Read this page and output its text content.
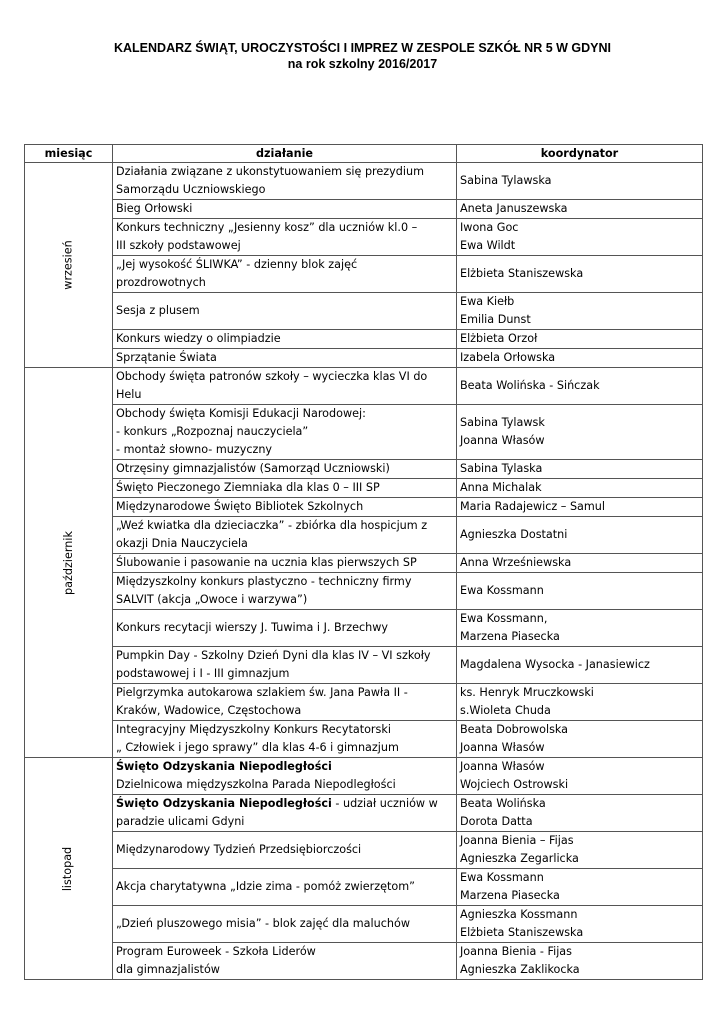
KALENDARZ ŚWIĄT, UROCZYSTOŚCI I IMPREZ W ZESPOLE SZKÓŁ NR 5 W GDYNI
na rok szkolny 2016/2017
miesiąc	działanie	koordynator
wrzesień	Działania związane z ukonstytuowaniem się prezydium
Samorządu Uczniowskiego	Sabina Tylawska
	Bieg Orłowski	Aneta Januszewska
	Konkurs techniczny „Jesienny kosz” dla uczniów kl.0 –
III szkoły podstawowej	Iwona Goc
Ewa Wildt
	„Jej wysokość ŚLIWKA” - dzienny blok zajęć
prozdrowotnych	Elżbieta Staniszewska
	Sesja z plusem	Ewa Kiełb
Emilia Dunst
	Konkurs wiedzy o olimpiadzie	Elżbieta Orzoł
	Sprzątanie Świata	Izabela Orłowska
październik	Obchody święta patronów szkoły – wycieczka klas VI do
Helu	Beata Wolińska - Sińczak
	Obchody święta Komisji Edukacji Narodowej:
- konkurs „Rozpoznaj nauczyciela”
- montaż słowno- muzyczny	Sabina Tylawsk
Joanna Własów
	Otrzęsiny gimnazjalistów (Samorząd Uczniowski)	Sabina Tylaska
	Święto Pieczonego Ziemniaka dla klas 0 – III SP	Anna Michalak
	Międzynarodowe Święto Bibliotek Szkolnych	Maria Radajewicz – Samul
	„Weź kwiatka dla dzieciaczka” - zbiórka dla hospicjum z
okazji Dnia Nauczyciela	Agnieszka Dostatni
	Ślubowanie i pasowanie na ucznia klas pierwszych SP	Anna Wrześniewska
	Międzyszkolny konkurs plastyczno - techniczny firmy
SALVIT (akcja „Owoce i warzywa”)	Ewa Kossmann
	Konkurs recytacji wierszy J. Tuwima i J. Brzechwy	Ewa Kossmann,
Marzena Piasecka
	Pumpkin Day - Szkolny Dzień Dyni dla klas IV – VI szkoły
podstawowej i I - III gimnazjum	Magdalena Wysocka - Janasiewicz
	Pielgrzymka autokarowa szlakiem św. Jana Pawła II -
Kraków, Wadowice, Częstochowa	ks. Henryk Mruczkowski
s.Wioleta Chuda
	Integracyjny Międzyszkolny Konkurs Recytatorski
„ Człowiek i jego sprawy” dla klas 4-6 i gimnazjum	Beata Dobrowolska
Joanna Własów
listopad	Święto Odzyskania Niepodległości
Dzielnicowa międzyszkolna Parada Niepodległości	Joanna Własów
Wojciech Ostrowski
	Święto Odzyskania Niepodległości - udział uczniów w
paradzie ulicami Gdyni	Beata Wolińska
Dorota Datta
	Międzynarodowy Tydzień Przedsiębiorczości	Joanna Bienia – Fijas
Agnieszka Zegarlicka
	Akcja charytatywna „Idzie zima - pomóż zwierzętom”	Ewa Kossmann
Marzena Piasecka
	„Dzień pluszowego misia” - blok zajęć dla maluchów	Agnieszka Kossmann
Elżbieta Staniszewska
	Program Euroweek - Szkoła Liderów
dla gimnazjalistów	Joanna Bienia - Fijas
Agnieszka Zaklikocka
